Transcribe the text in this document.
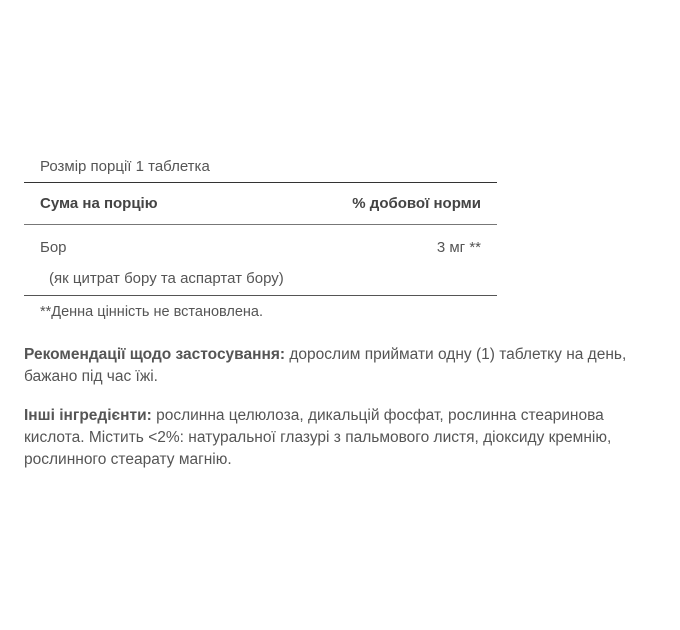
Розмір порції 1 таблетка
Сума на порцію	% добової норми
Бор	3 мг **
(як цитрат бору та аспартат бору)
**Денна цінність не встановлена.
Рекомендації щодо застосування: дорослим приймати одну (1) таблетку на день, бажано під час їжі.
Інші інгредієнти: рослинна целюлоза, дикальцій фосфат, рослинна стеаринова кислота. Містить <2%: натуральної глазурі з пальмового листя, діоксиду кремнію, рослинного стеарату магнію.
